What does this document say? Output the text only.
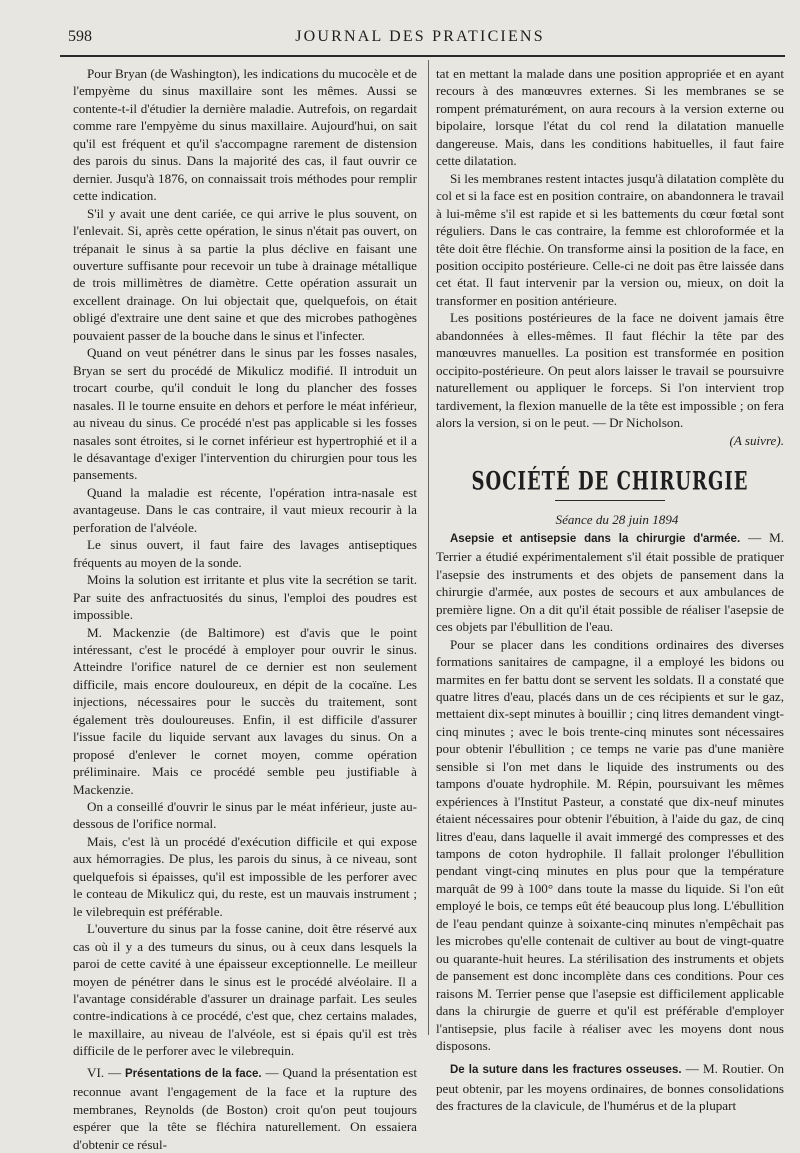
598	JOURNAL DES PRATICIENS

Pour Bryan (de Washington), les indications du mucocèle et de l'empyème du sinus maxillaire sont les mêmes. Aussi se contente-t-il d'étudier la dernière maladie. Autrefois, on regardait comme rare l'empyème du sinus maxillaire. Aujourd'hui, on sait qu'il est fréquent et qu'il s'accompagne rarement de distension des parois du sinus. Dans la majorité des cas, il faut ouvrir ce dernier. Jusqu'à 1876, on connaissait trois méthodes pour remplir cette indication.

S'il y avait une dent cariée, ce qui arrive le plus souvent, on l'enlevait. Si, après cette opération, le sinus n'était pas ouvert, on trépanait le sinus à sa partie la plus déclive en faisant une ouverture suffisante pour recevoir un tube à drainage métallique de trois millimètres de diamètre. Cette opération assurait un excellent drainage. On lui objectait que, quelquefois, on était obligé d'extraire une dent saine et que des microbes pathogènes pouvaient passer de la bouche dans le sinus et l'infecter.

Quand on veut pénétrer dans le sinus par les fosses nasales, Bryan se sert du procédé de Mikulicz modifié. Il introduit un trocart courbe, qu'il conduit le long du plancher des fosses nasales. Il le tourne ensuite en dehors et perfore le méat inférieur, au niveau du sinus. Ce procédé n'est pas applicable si les fosses nasales sont étroites, si le cornet inférieur est hypertrophié et il a le désavantage d'exiger l'intervention du chirurgien pour tous les pansements.

Quand la maladie est récente, l'opération intra-nasale est avantageuse. Dans le cas contraire, il vaut mieux recourir à la perforation de l'alvéole.

Le sinus ouvert, il faut faire des lavages antiseptiques fréquents au moyen de la sonde.

Moins la solution est irritante et plus vite la secrétion se tarit. Par suite des anfractuosités du sinus, l'emploi des poudres est impossible.

M. Mackenzie (de Baltimore) est d'avis que le point intéressant, c'est le procédé à employer pour ouvrir le sinus. Atteindre l'orifice naturel de ce dernier est non seulement difficile, mais encore douloureux, en dépit de la cocaïne. Les injections, nécessaires pour le succès du traitement, sont également très douloureuses. Enfin, il est difficile d'assurer l'issue facile du liquide servant aux lavages du sinus. On a proposé d'enlever le cornet moyen, comme opération préliminaire. Mais ce procédé semble peu justifiable à Mackenzie.

On a conseillé d'ouvrir le sinus par le méat inférieur, juste au-dessous de l'orifice normal.

Mais, c'est là un procédé d'exécution difficile et qui expose aux hémorragies. De plus, les parois du sinus, à ce niveau, sont quelquefois si épaisses, qu'il est impossible de les perforer avec le conteau de Mikulicz qui, du reste, est un mauvais instrument ; le vilebrequin est préférable.

L'ouverture du sinus par la fosse canine, doit être réservé aux cas où il y a des tumeurs du sinus, ou à ceux dans lesquels la paroi de cette cavité à une épaisseur exceptionnelle. Le meilleur moyen de pénétrer dans le sinus est le procédé alvéolaire. Il a l'avantage considérable d'assurer un drainage parfait. Les seules contre-indications à ce procédé, c'est que, chez certains malades, le maxillaire, au niveau de l'alvéole, est si épais qu'il est très difficile de le perforer avec le vilebrequin.

VI. — Présentations de la face. — Quand la présentation est reconnue avant l'engagement de la face et la rupture des membranes, Reynolds (de Boston) croit qu'on peut toujours espérer que la tête se fléchira naturellement. On essaiera d'obtenir ce résul-

tat en mettant la malade dans une position appropriée et en ayant recours à des manœuvres externes. Si les membranes se se rompent prématurément, on aura recours à la version externe ou bipolaire, lorsque l'état du col rend la dilatation manuelle dangereuse. Mais, dans les conditions habituelles, il faut faire cette dilatation.

Si les membranes restent intactes jusqu'à dilatation complète du col et si la face est en position contraire, on abandonnera le travail à lui-même s'il est rapide et si les battements du cœur fœtal sont réguliers. Dans le cas contraire, la femme est chloroformée et la tête doit être fléchie. On transforme ainsi la position de la face, en position occipito postérieure. Celle-ci ne doit pas être laissée dans cet état. Il faut intervenir par la version ou, mieux, on doit la transformer en position antérieure.

Les positions postérieures de la face ne doivent jamais être abandonnées à elles-mêmes. Il faut fléchir la tête par des manœuvres manuelles. La position est transformée en position occipito-postérieure. On peut alors laisser le travail se poursuivre naturellement ou appliquer le forceps. Si l'on intervient trop tardivement, la flexion manuelle de la tête est impossible ; on fera alors la version, si on le peut. — Dr Nicholson.

(A suivre).

SOCIÉTÉ DE CHIRURGIE

Séance du 28 juin 1894

Asepsie et antisepsie dans la chirurgie d'armée. — M. Terrier a étudié expérimentalement s'il était possible de pratiquer l'asepsie des instruments et des objets de pansement dans la chirurgie d'armée, aux postes de secours et aux ambulances de première ligne. On a dit qu'il était possible de réaliser l'asepsie de ces objets par l'ébullition de l'eau.

Pour se placer dans les conditions ordinaires des diverses formations sanitaires de campagne, il a employé les bidons ou marmites en fer battu dont se servent les soldats. Il a constaté que quatre litres d'eau, placés dans un de ces récipients et sur le gaz, mettaient dix-sept minutes à bouillir ; cinq litres demandent vingt-cinq minutes ; avec le bois trente-cinq minutes sont nécessaires pour obtenir l'ébullition ; ce temps ne varie pas d'une manière sensible si l'on met dans le liquide des instruments ou des tampons d'ouate hydrophile. M. Répin, poursuivant les mêmes expériences à l'Institut Pasteur, a constaté que dix-neuf minutes étaient nécessaires pour obtenir l'ébuition, à l'aide du gaz, de cinq litres d'eau, dans laquelle il avait immergé des compresses et des tampons de coton hydrophile. Il fallait prolonger l'ébullition pendant vingt-cinq minutes en plus pour que la température marquât de 99 à 100° dans toute la masse du liquide. Si l'on eût employé le bois, ce temps eût été beaucoup plus long. L'ébullition de l'eau pendant quinze à soixante-cinq minutes n'empêchait pas les microbes qu'elle contenait de cultiver au bout de vingt-quatre ou quarante-huit heures. La stérilisation des instruments et objets de pansement est donc incomplète dans ces conditions. Pour ces raisons M. Terrier pense que l'asepsie est difficilement applicable dans la chirurgie de guerre et qu'il est préférable d'employer l'antisepsie, plus facile à réaliser avec les moyens dont nous disposons.

De la suture dans les fractures osseuses. — M. Routier. On peut obtenir, par les moyens ordinaires, de bonnes consolidations des fractures de la clavicule, de l'humérus et de la plupart
